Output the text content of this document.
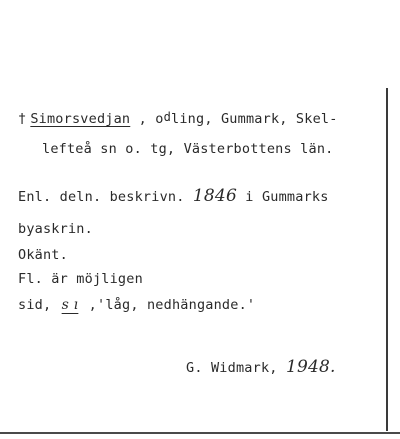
† Simorsvedjan , odling, Gummark, Skel-
lefteå sn o. tg, Västerbottens län.
Enl. deln. beskrivn. 1846 i Gummarks
byaskrin.
Okänt.
Fl. är möjligen
sid, s ı ,'låg, nedhängande.'
G. Widmark, 1948.
